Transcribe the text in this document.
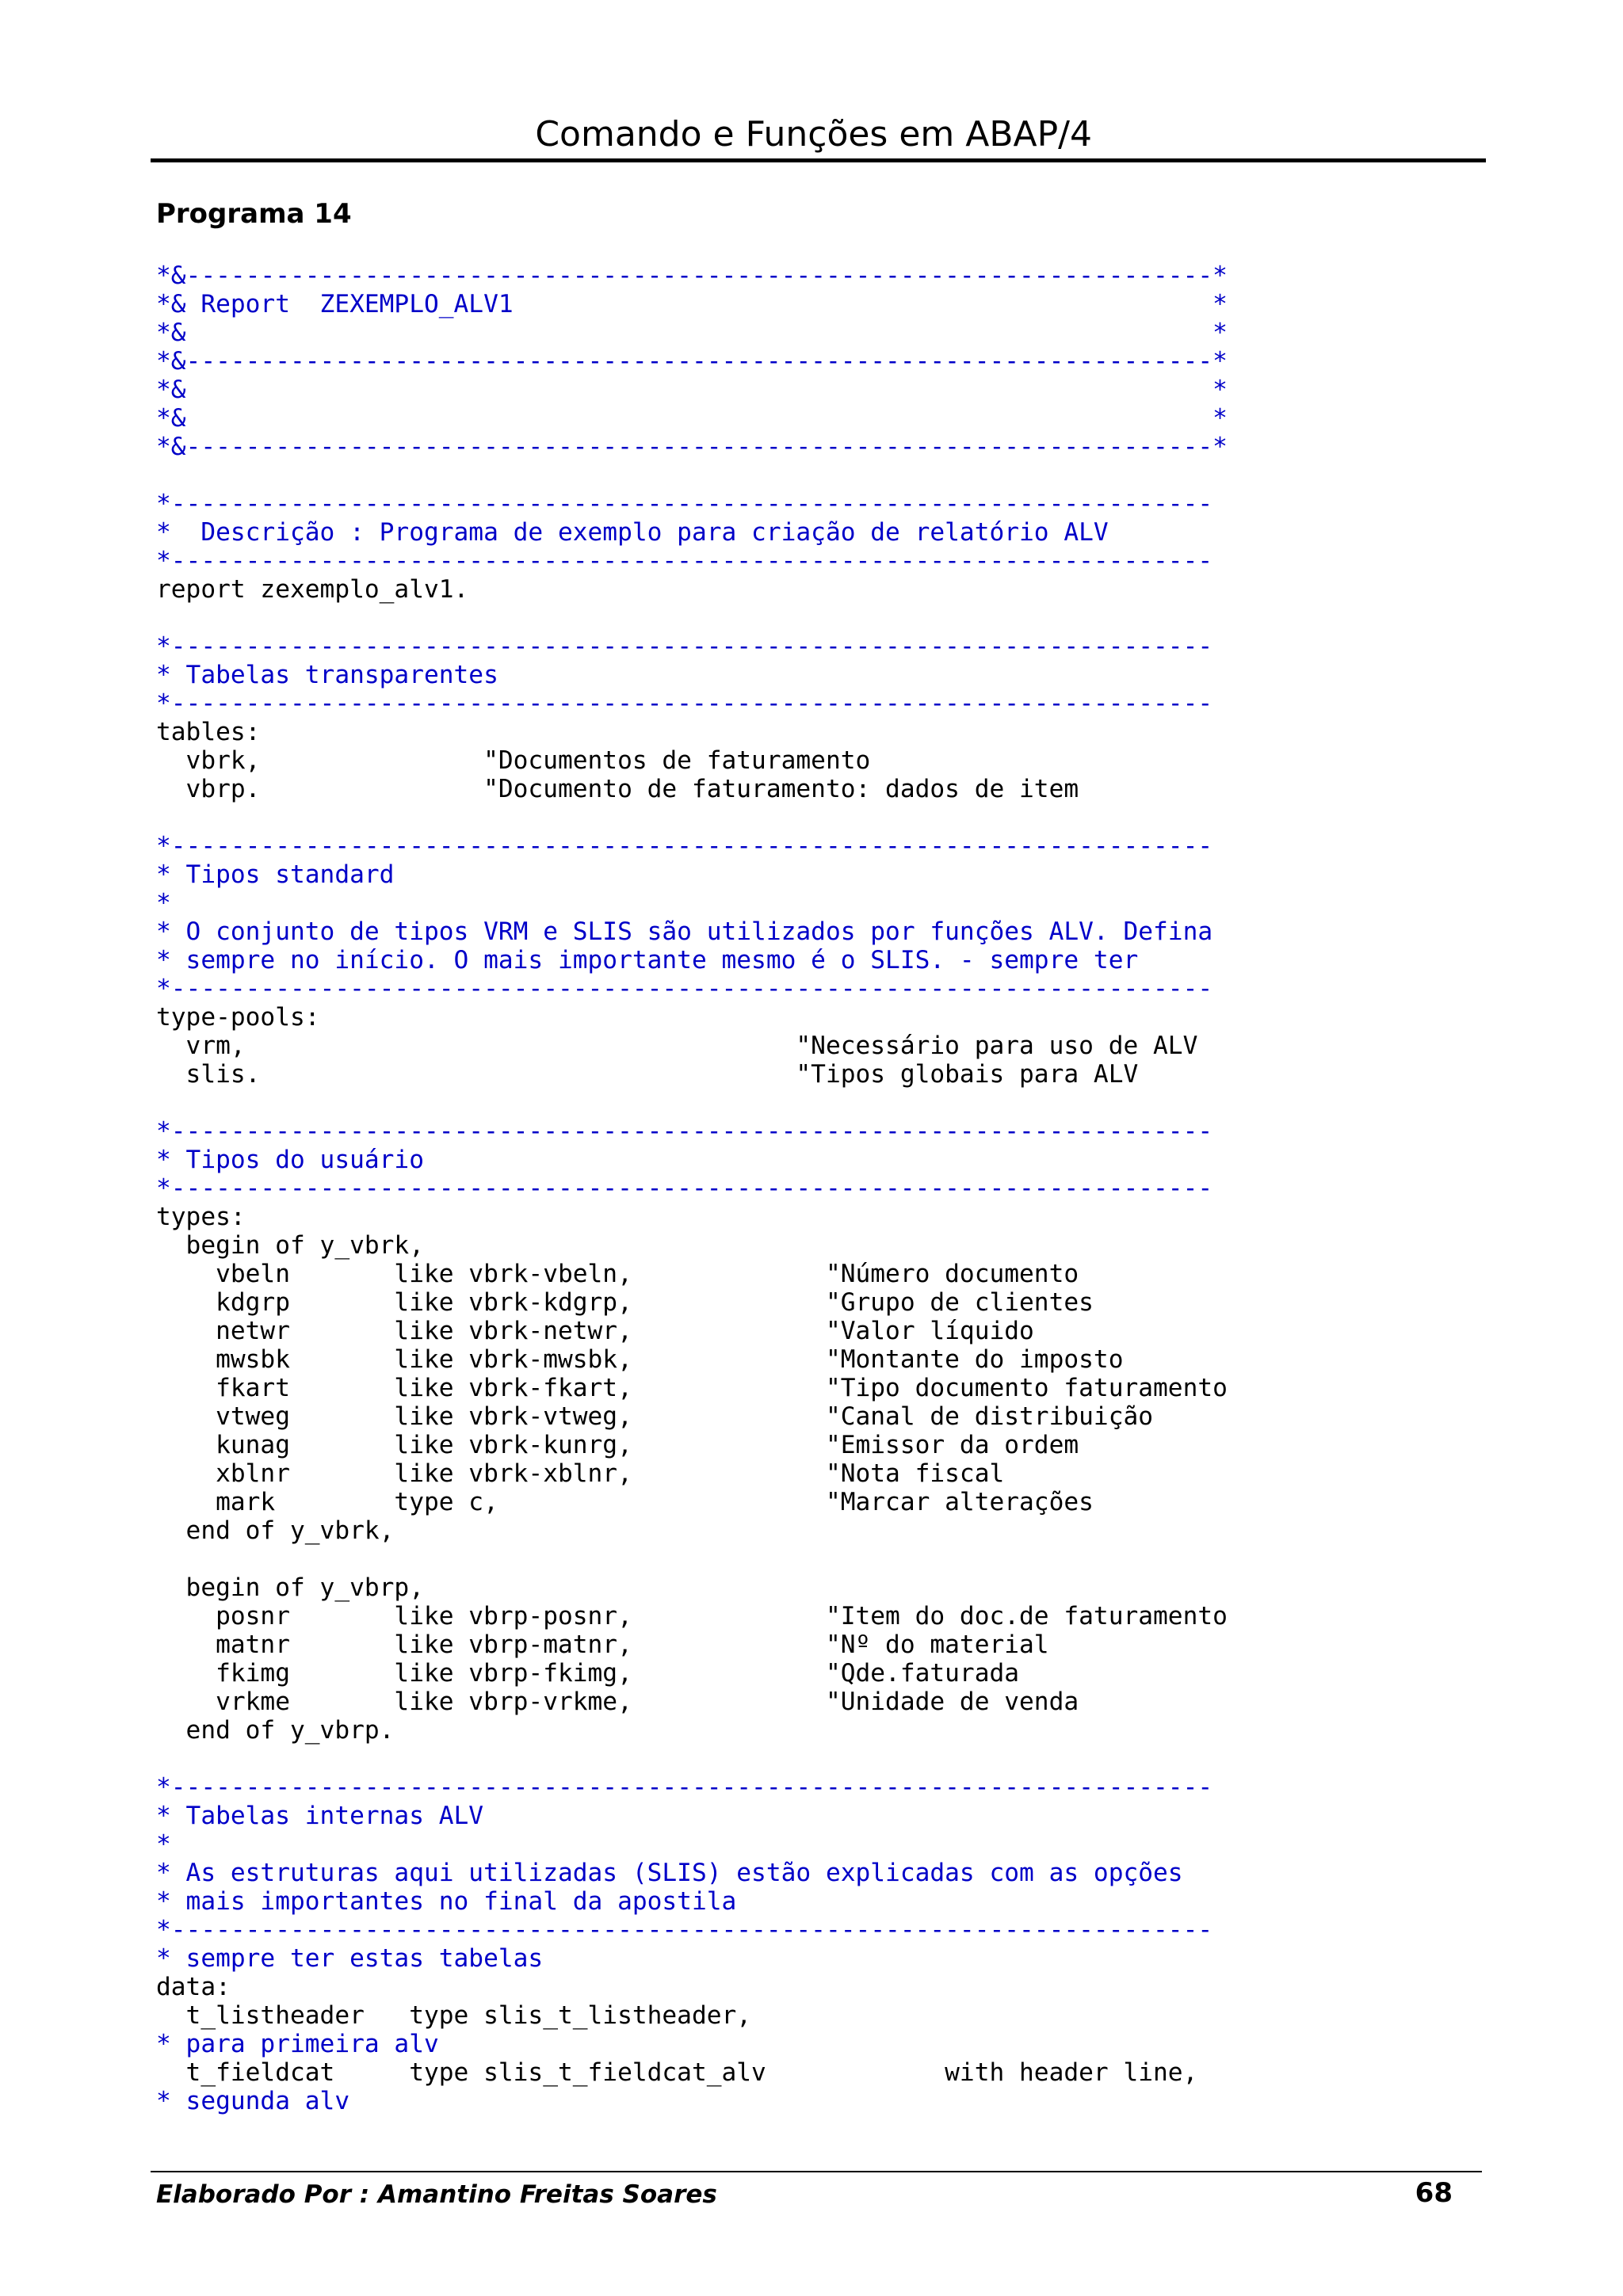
Comando e Funções em ABAP/4
Programa 14
*&---------------------------------------------------------------------*
*& Report  ZEXEMPLO_ALV1                                               *
*&                                                                     *
*&---------------------------------------------------------------------*
*&                                                                     *
*&                                                                     *
*&---------------------------------------------------------------------*
*----------------------------------------------------------------------
*  Descrição : Programa de exemplo para criação de relatório ALV
*----------------------------------------------------------------------
report zexemplo_alv1.
*----------------------------------------------------------------------
* Tabelas transparentes
*----------------------------------------------------------------------
tables:
vbrk,               "Documentos de faturamento
vbrp.               "Documento de faturamento: dados de item
*----------------------------------------------------------------------
* Tipos standard
*
* O conjunto de tipos VRM e SLIS são utilizados por funções ALV. Defina
* sempre no início. O mais importante mesmo é o SLIS. - sempre ter
*----------------------------------------------------------------------
type-pools:
vrm,                                     "Necessário para uso de ALV
slis.                                    "Tipos globais para ALV
*----------------------------------------------------------------------
* Tipos do usuário
*----------------------------------------------------------------------
types:
begin of y_vbrk,
vbeln       like vbrk-vbeln,             "Número documento
kdgrp       like vbrk-kdgrp,             "Grupo de clientes
netwr       like vbrk-netwr,             "Valor líquido
mwsbk       like vbrk-mwsbk,             "Montante do imposto
fkart       like vbrk-fkart,             "Tipo documento faturamento
vtweg       like vbrk-vtweg,             "Canal de distribuição
kunag       like vbrk-kunrg,             "Emissor da ordem
xblnr       like vbrk-xblnr,             "Nota fiscal
mark        type c,                      "Marcar alterações
end of y_vbrk,
begin of y_vbrp,
posnr       like vbrp-posnr,             "Item do doc.de faturamento
matnr       like vbrp-matnr,             "Nº do material
fkimg       like vbrp-fkimg,             "Qde.faturada
vrkme       like vbrp-vrkme,             "Unidade de venda
end of y_vbrp.
*----------------------------------------------------------------------
* Tabelas internas ALV
*
* As estruturas aqui utilizadas (SLIS) estão explicadas com as opções
* mais importantes no final da apostila
*----------------------------------------------------------------------
* sempre ter estas tabelas
data:
t_listheader   type slis_t_listheader,
* para primeira alv
t_fieldcat     type slis_t_fieldcat_alv            with header line,
* segunda alv
Elaborado Por : Amantino Freitas Soares	68
